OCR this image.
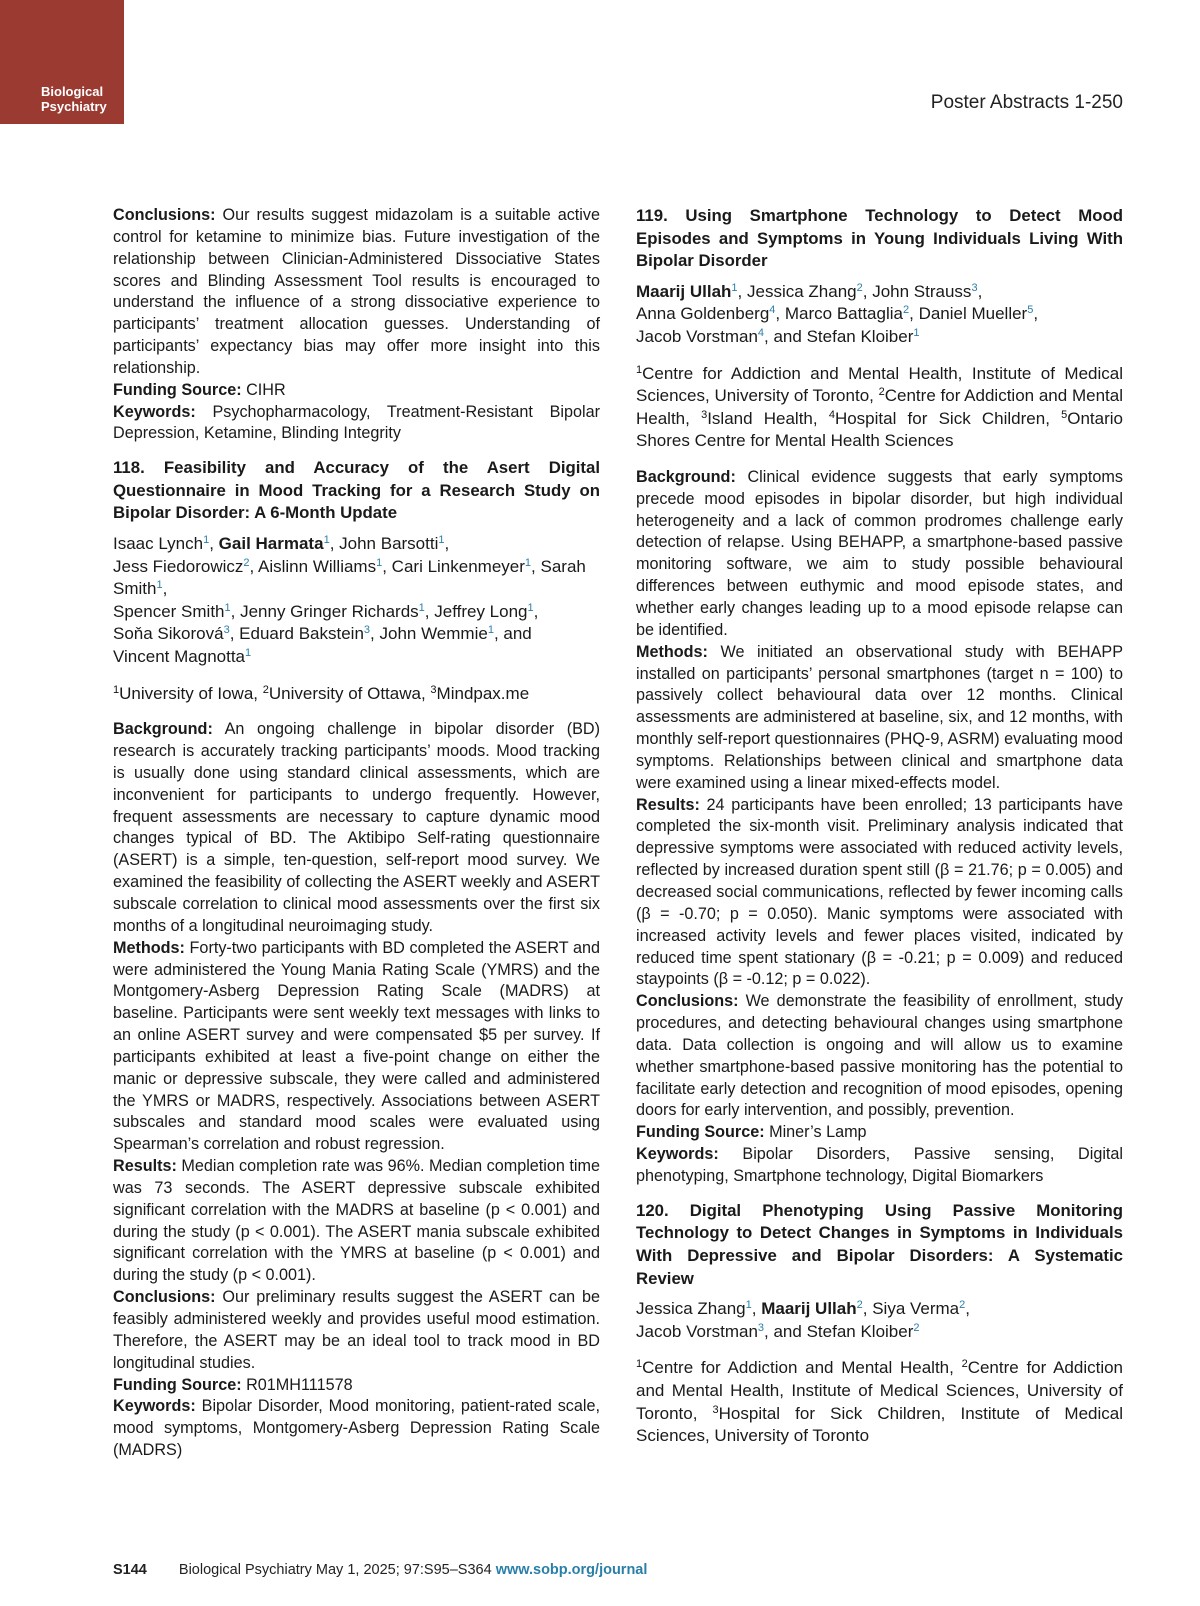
Biological
Psychiatry	Poster Abstracts 1-250

Conclusions: Our results suggest midazolam is a suitable active control for ketamine to minimize bias. Future investigation of the relationship between Clinician-Administered Dissociative States scores and Blinding Assessment Tool results is encouraged to understand the influence of a strong dissociative experience to participants’ treatment allocation guesses. Understanding of participants’ expectancy bias may offer more insight into this relationship.

Funding Source: CIHR

Keywords: Psychopharmacology, Treatment-Resistant Bipolar Depression, Ketamine, Blinding Integrity

118. Feasibility and Accuracy of the Asert Digital Questionnaire in Mood Tracking for a Research Study on Bipolar Disorder: A 6-Month Update

Isaac Lynch$^1$, Gail Harmata$^1$, John Barsotti$^1$,
Jess Fiedorowicz$^2$, Aislinn Williams$^1$, Cari Linkenmeyer$^1$, Sarah Smith$^1$,
Spencer Smith$^1$, Jenny Gringer Richards$^1$, Jeffrey Long$^1$,
Soňa Sikorová$^3$, Eduard Bakstein$^3$, John Wemmie$^1$, and
Vincent Magnotta$^1$

$^1$University of Iowa, $^2$University of Ottawa, $^3$Mindpax.me

Background: An ongoing challenge in bipolar disorder (BD) research is accurately tracking participants’ moods. Mood tracking is usually done using standard clinical assessments, which are inconvenient for participants to undergo frequently. However, frequent assessments are necessary to capture dynamic mood changes typical of BD. The Aktibipo Self-rating questionnaire (ASERT) is a simple, ten-question, self-report mood survey. We examined the feasibility of collecting the ASERT weekly and ASERT subscale correlation to clinical mood assessments over the first six months of a longitudinal neuroimaging study.

Methods: Forty-two participants with BD completed the ASERT and were administered the Young Mania Rating Scale (YMRS) and the Montgomery-Asberg Depression Rating Scale (MADRS) at baseline. Participants were sent weekly text messages with links to an online ASERT survey and were compensated $5 per survey. If participants exhibited at least a five-point change on either the manic or depressive subscale, they were called and administered the YMRS or MADRS, respectively. Associations between ASERT subscales and standard mood scales were evaluated using Spearman’s correlation and robust regression.

Results: Median completion rate was 96%. Median completion time was 73 seconds. The ASERT depressive subscale exhibited significant correlation with the MADRS at baseline (p < 0.001) and during the study (p < 0.001). The ASERT mania subscale exhibited significant correlation with the YMRS at baseline (p < 0.001) and during the study (p < 0.001).

Conclusions: Our preliminary results suggest the ASERT can be feasibly administered weekly and provides useful mood estimation. Therefore, the ASERT may be an ideal tool to track mood in BD longitudinal studies.

Funding Source: R01MH111578

Keywords: Bipolar Disorder, Mood monitoring, patient-rated scale, mood symptoms, Montgomery-Asberg Depression Rating Scale (MADRS)

119. Using Smartphone Technology to Detect Mood Episodes and Symptoms in Young Individuals Living With Bipolar Disorder

Maarij Ullah$^1$, Jessica Zhang$^2$, John Strauss$^3$,
Anna Goldenberg$^4$, Marco Battaglia$^2$, Daniel Mueller$^5$,
Jacob Vorstman$^4$, and Stefan Kloiber$^1$

$^1$Centre for Addiction and Mental Health, Institute of Medical Sciences, University of Toronto, $^2$Centre for Addiction and Mental Health, $^3$Island Health, $^4$Hospital for Sick Children, $^5$Ontario Shores Centre for Mental Health Sciences

Background: Clinical evidence suggests that early symptoms precede mood episodes in bipolar disorder, but high individual heterogeneity and a lack of common prodromes challenge early detection of relapse. Using BEHAPP, a smartphone-based passive monitoring software, we aim to study possible behavioural differences between euthymic and mood episode states, and whether early changes leading up to a mood episode relapse can be identified.

Methods: We initiated an observational study with BEHAPP installed on participants’ personal smartphones (target n = 100) to passively collect behavioural data over 12 months. Clinical assessments are administered at baseline, six, and 12 months, with monthly self-report questionnaires (PHQ-9, ASRM) evaluating mood symptoms. Relationships between clinical and smartphone data were examined using a linear mixed-effects model.

Results: 24 participants have been enrolled; 13 participants have completed the six-month visit. Preliminary analysis indicated that depressive symptoms were associated with reduced activity levels, reflected by increased duration spent still (β = 21.76; p = 0.005) and decreased social communications, reflected by fewer incoming calls (β = -0.70; p = 0.050). Manic symptoms were associated with increased activity levels and fewer places visited, indicated by reduced time spent stationary (β = -0.21; p = 0.009) and reduced staypoints (β = -0.12; p = 0.022).

Conclusions: We demonstrate the feasibility of enrollment, study procedures, and detecting behavioural changes using smartphone data. Data collection is ongoing and will allow us to examine whether smartphone-based passive monitoring has the potential to facilitate early detection and recognition of mood episodes, opening doors for early intervention, and possibly, prevention.

Funding Source: Miner’s Lamp

Keywords: Bipolar Disorders, Passive sensing, Digital phenotyping, Smartphone technology, Digital Biomarkers

120. Digital Phenotyping Using Passive Monitoring Technology to Detect Changes in Symptoms in Individuals With Depressive and Bipolar Disorders: A Systematic Review

Jessica Zhang$^1$, Maarij Ullah$^2$, Siya Verma$^2$,
Jacob Vorstman$^3$, and Stefan Kloiber$^2$

$^1$Centre for Addiction and Mental Health, $^2$Centre for Addiction and Mental Health, Institute of Medical Sciences, University of Toronto, $^3$Hospital for Sick Children, Institute of Medical Sciences, University of Toronto

S144 Biological Psychiatry May 1, 2025; 97:S95–S364 www.sobp.org/journal
